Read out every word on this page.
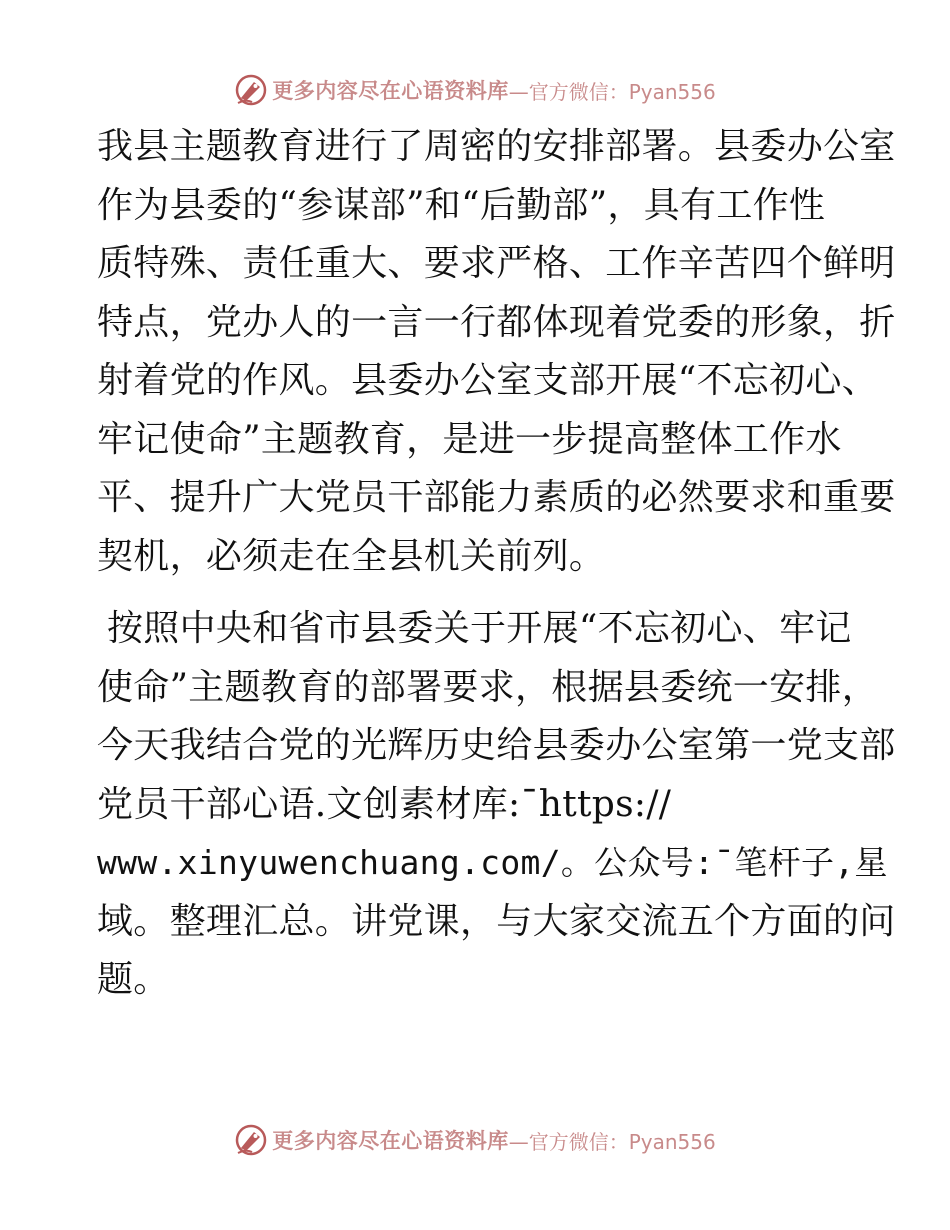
更多内容尽在心语资料库 —官方微信：Pyan556
我县主题教育进行了周密的安排部署。县委办公室
作为县委的“参谋部”和“后勤部”，具有工作性
质特殊、责任重大、要求严格、工作辛苦四个鲜明
特点，党办人的一言一行都体现着党委的形象，折
射着党的作风。县委办公室支部开展“不忘初心、
牢记使命”主题教育，是进一步提高整体工作水
平、提升广大党员干部能力素质的必然要求和重要
契机，必须走在全县机关前列。
按照中央和省市县委关于开展“不忘初心、牢记
使命”主题教育的部署要求，根据县委统一安排，
今天我结合党的光辉历史给县委办公室第一党支部
党员干部心语.文创素材库:¯https://
www.xinyuwenchuang.com/。公众号:¯笔杆子,星
域。整理汇总。讲党课，与大家交流五个方面的问
题。
更多内容尽在心语资料库 —官方微信：Pyan556
